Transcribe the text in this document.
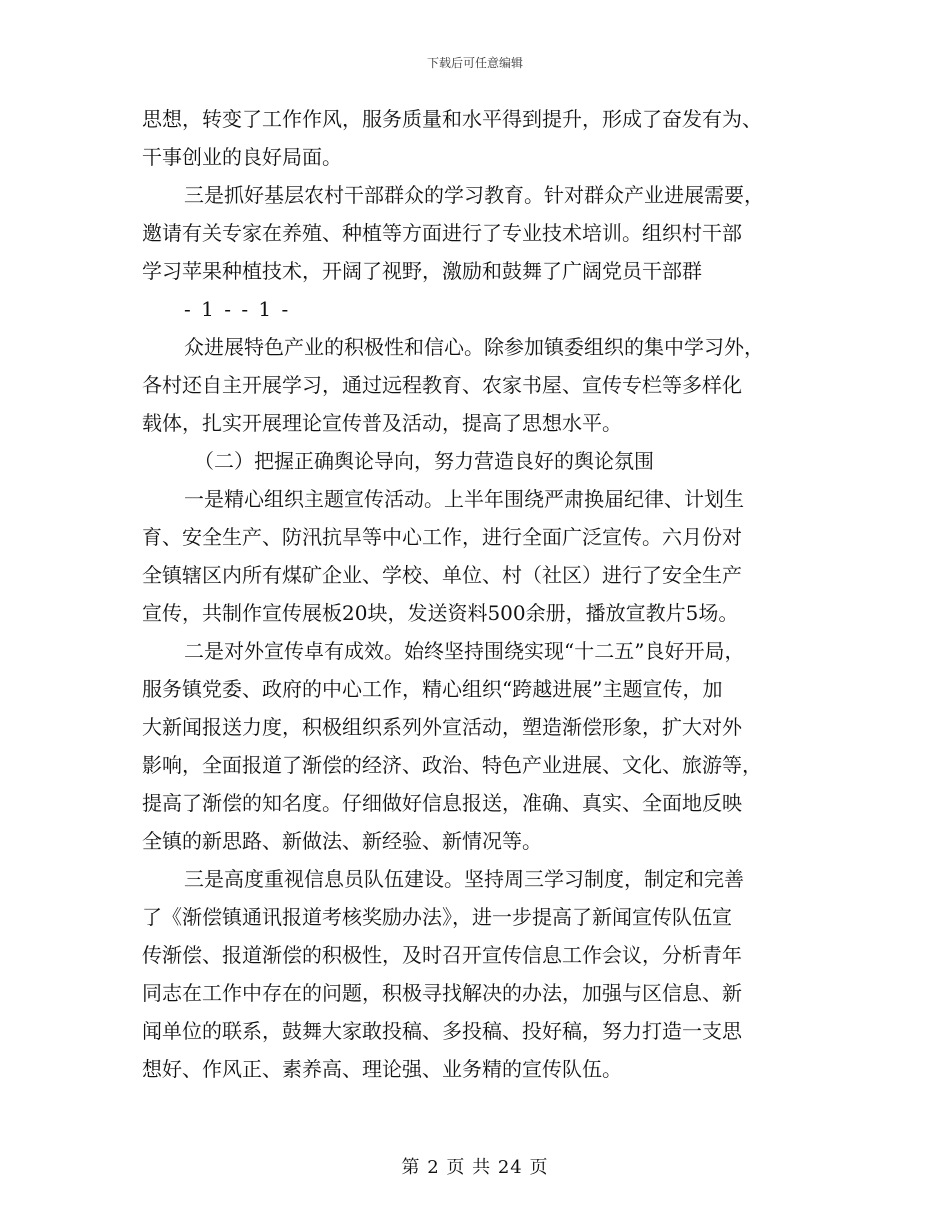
下载后可任意编辑
思想，转变了工作作风，服务质量和水平得到提升，形成了奋发有为、
干事创业的良好局面。
三是抓好基层农村干部群众的学习教育。针对群众产业进展需要，
邀请有关专家在养殖、种植等方面进行了专业技术培训。组织村干部
学习苹果种植技术，开阔了视野，激励和鼓舞了广阔党员干部群
- 1 - - 1 -
众进展特色产业的积极性和信心。除参加镇委组织的集中学习外，
各村还自主开展学习，通过远程教育、农家书屋、宣传专栏等多样化
载体，扎实开展理论宣传普及活动，提高了思想水平。
（二）把握正确舆论导向，努力营造良好的舆论氛围
一是精心组织主题宣传活动。上半年围绕严肃换届纪律、计划生
育、安全生产、防汛抗旱等中心工作，进行全面广泛宣传。六月份对
全镇辖区内所有煤矿企业、学校、单位、村（社区）进行了安全生产
宣传，共制作宣传展板20块，发送资料500余册，播放宣教片5场。
二是对外宣传卓有成效。始终坚持围绕实现“十二五”良好开局，
服务镇党委、政府的中心工作，精心组织“跨越进展”主题宣传，加
大新闻报送力度，积极组织系列外宣活动，塑造渐偿形象，扩大对外
影响，全面报道了渐偿的经济、政治、特色产业进展、文化、旅游等，
提高了渐偿的知名度。仔细做好信息报送，准确、真实、全面地反映
全镇的新思路、新做法、新经验、新情况等。
三是高度重视信息员队伍建设。坚持周三学习制度，制定和完善
了《渐偿镇通讯报道考核奖励办法》，进一步提高了新闻宣传队伍宣
传渐偿、报道渐偿的积极性，及时召开宣传信息工作会议，分析青年
同志在工作中存在的问题，积极寻找解决的办法，加强与区信息、新
闻单位的联系，鼓舞大家敢投稿、多投稿、投好稿，努力打造一支思
想好、作风正、素养高、理论强、业务精的宣传队伍。
第 2 页 共 24 页
